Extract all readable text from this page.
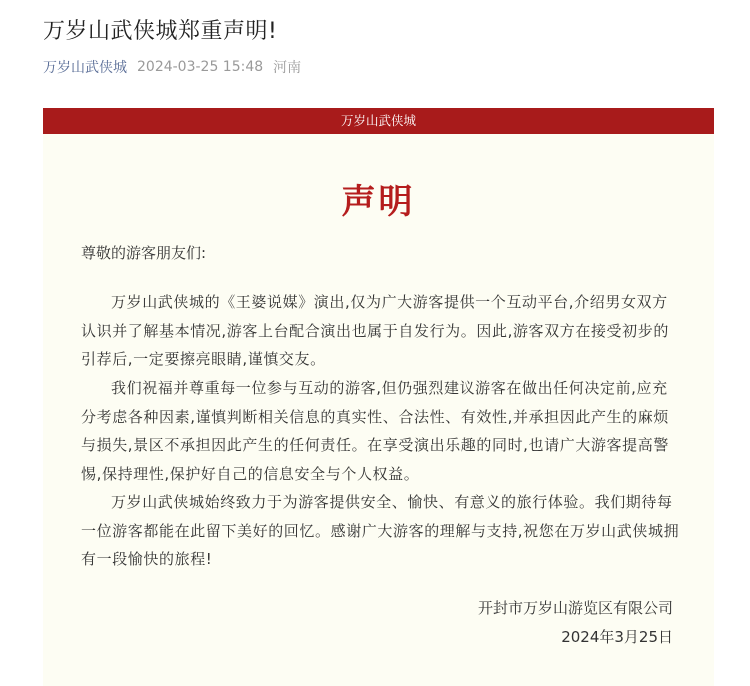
万岁山武侠城郑重声明!
万岁山武侠城 2024-03-25 15:48 河南
万岁山武侠城
声明
尊敬的游客朋友们:

万岁山武侠城的《王婆说媒》演出,仅为广大游客提供一个互动平台,介绍男女双方认识并了解基本情况,游客上台配合演出也属于自发行为。因此,游客双方在接受初步的引荐后,一定要擦亮眼睛,谨慎交友。

我们祝福并尊重每一位参与互动的游客,但仍强烈建议游客在做出任何决定前,应充分考虑各种因素,谨慎判断相关信息的真实性、合法性、有效性,并承担因此产生的麻烦与损失,景区不承担因此产生的任何责任。在享受演出乐趣的同时,也请广大游客提高警惕,保持理性,保护好自己的信息安全与个人权益。

万岁山武侠城始终致力于为游客提供安全、愉快、有意义的旅行体验。我们期待每一位游客都能在此留下美好的回忆。感谢广大游客的理解与支持,祝您在万岁山武侠城拥有一段愉快的旅程!

开封市万岁山游览区有限公司
2024年3月25日
